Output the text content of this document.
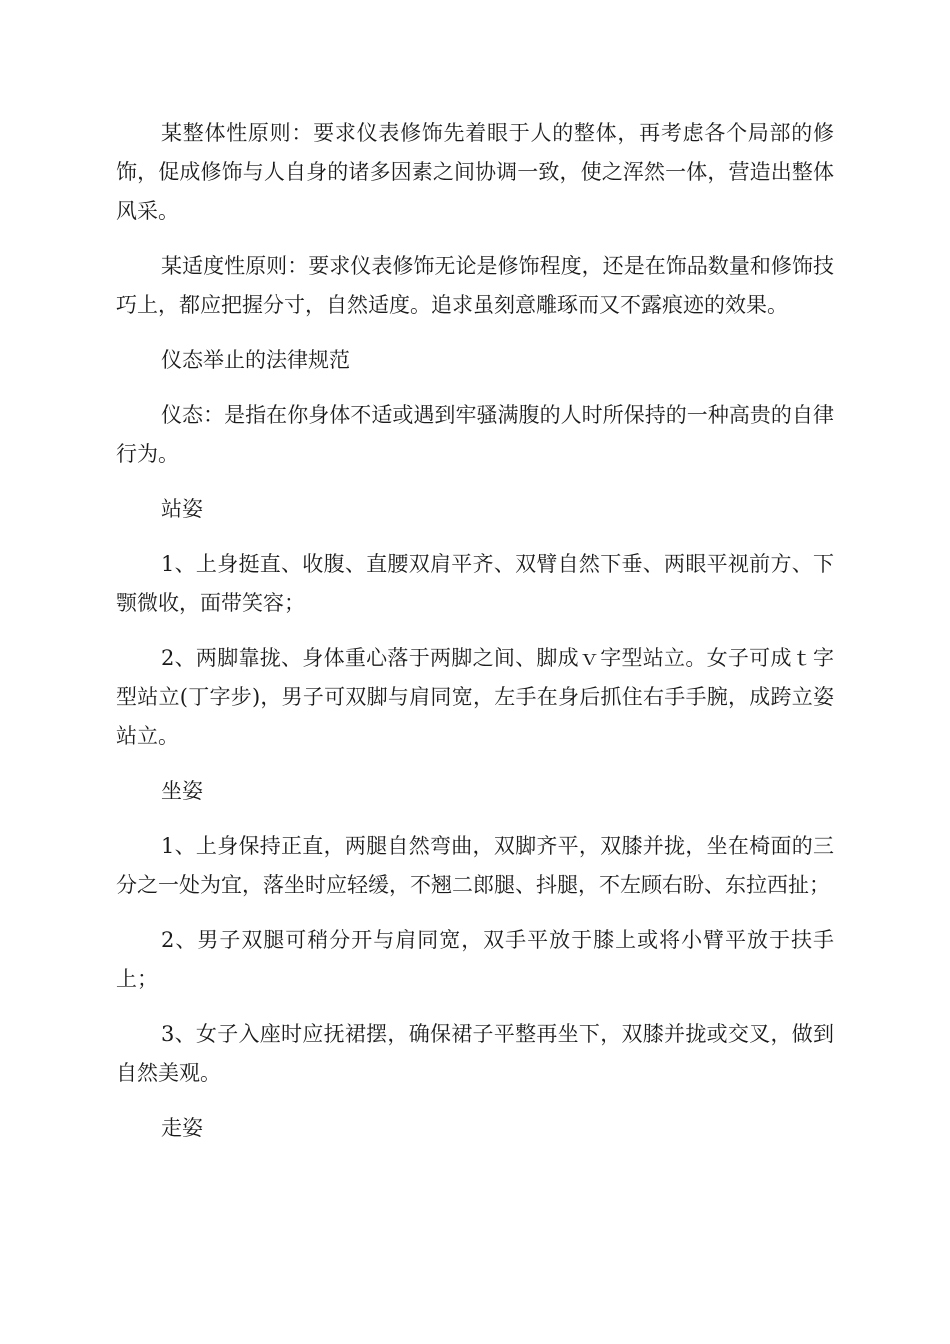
某整体性原则：要求仪表修饰先着眼于人的整体，再考虑各个局部的修饰，促成修饰与人自身的诸多因素之间协调一致，使之浑然一体，营造出整体风采。

某适度性原则：要求仪表修饰无论是修饰程度，还是在饰品数量和修饰技巧上，都应把握分寸，自然适度。追求虽刻意雕琢而又不露痕迹的效果。

仪态举止的法律规范

仪态：是指在你身体不适或遇到牢骚满腹的人时所保持的一种高贵的自律行为。

站姿

1、上身挺直、收腹、直腰双肩平齐、双臂自然下垂、两眼平视前方、下颚微收，面带笑容；

2、两脚靠拢、身体重心落于两脚之间、脚成ｖ字型站立。女子可成ｔ字型站立(丁字步)，男子可双脚与肩同宽，左手在身后抓住右手手腕，成跨立姿站立。

坐姿

1、上身保持正直，两腿自然弯曲，双脚齐平，双膝并拢，坐在椅面的三分之一处为宜，落坐时应轻缓，不翘二郎腿、抖腿，不左顾右盼、东拉西扯；

2、男子双腿可稍分开与肩同宽，双手平放于膝上或将小臂平放于扶手上；

3、女子入座时应抚裙摆，确保裙子平整再坐下，双膝并拢或交叉，做到自然美观。

走姿
